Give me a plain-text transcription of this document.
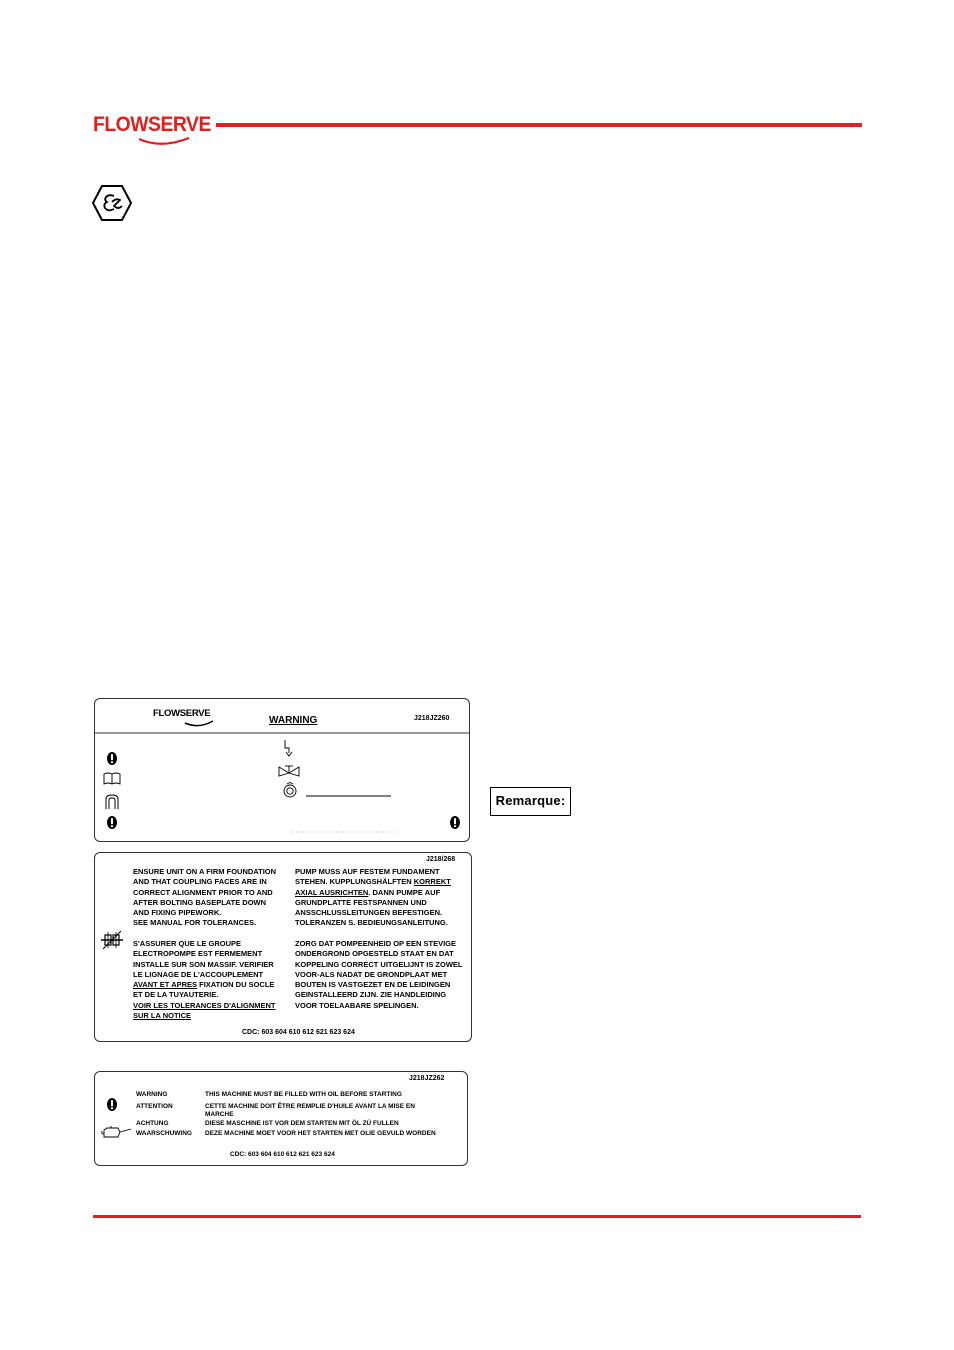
FLOWSERVE
FLOWSERVE
WARNING	J218JZ260
J218/268
ENSURE UNIT ON A FIRM FOUNDATION
AND THAT COUPLING FACES ARE IN
CORRECT ALIGNMENT PRIOR TO AND
AFTER BOLTING BASEPLATE DOWN
AND FIXING PIPEWORK.
SEE MANUAL FOR TOLERANCES.
PUMP MUSS AUF FESTEM FUNDAMENT
STEHEN. KUPPLUNGSHÄLFTEN KORREKT
AXIAL AUSRICHTEN. DANN PUMPE AUF
GRUNDPLATTE FESTSPANNEN UND
ANSSCHLUSSLEITUNGEN BEFESTIGEN.
TOLERANZEN S. BEDIEUNGSANLEITUNG.
S'ASSURER QUE LE GROUPE
ELECTROPOMPE EST FERMEMENT
INSTALLE SUR SON MASSIF. VERIFIER
LE LIGNAGE DE L'ACCOUPLEMENT
AVANT ET APRES FIXATION DU SOCLE
ET DE LA TUYAUTERIE.
VOIR LES TOLERANCES D'ALIGNMENT
SUR LA NOTICE
ZORG DAT POMPEENHEID OP EEN STEVIGE
ONDERGROND OPGESTELD STAAT EN DAT
KOPPELING CORRECT UITGELIJNT IS ZOWEL
VOOR-ALS NADAT DE GRONDPLAAT MET
BOUTEN IS VASTGEZET EN DE LEIDINGEN
GEINSTALLEERD ZIJN. ZIE HANDLEIDING
VOOR TOELAABARE SPELINGEN.
CDC: 603 604 610 612 621 623 624
J218JZ262
WARNING
ATTENTION
ACHTUNG
WAARSCHUWING
THIS MACHINE MUST BE FILLED WITH OIL BEFORE STARTING
CETTE MACHINE DOIT ÊTRE REMPLIE D'HUILE AVANT LA MISE EN
MARCHE
DIESE MASCHINE IST VOR DEM STARTEN MIT ÖL ZÜ FULLEN
DEZE MACHINE MOET VOOR HET STARTEN MET OLIE GEVULD WORDEN
CDC: 603 604 610 612 621 623 624
Remarque:
